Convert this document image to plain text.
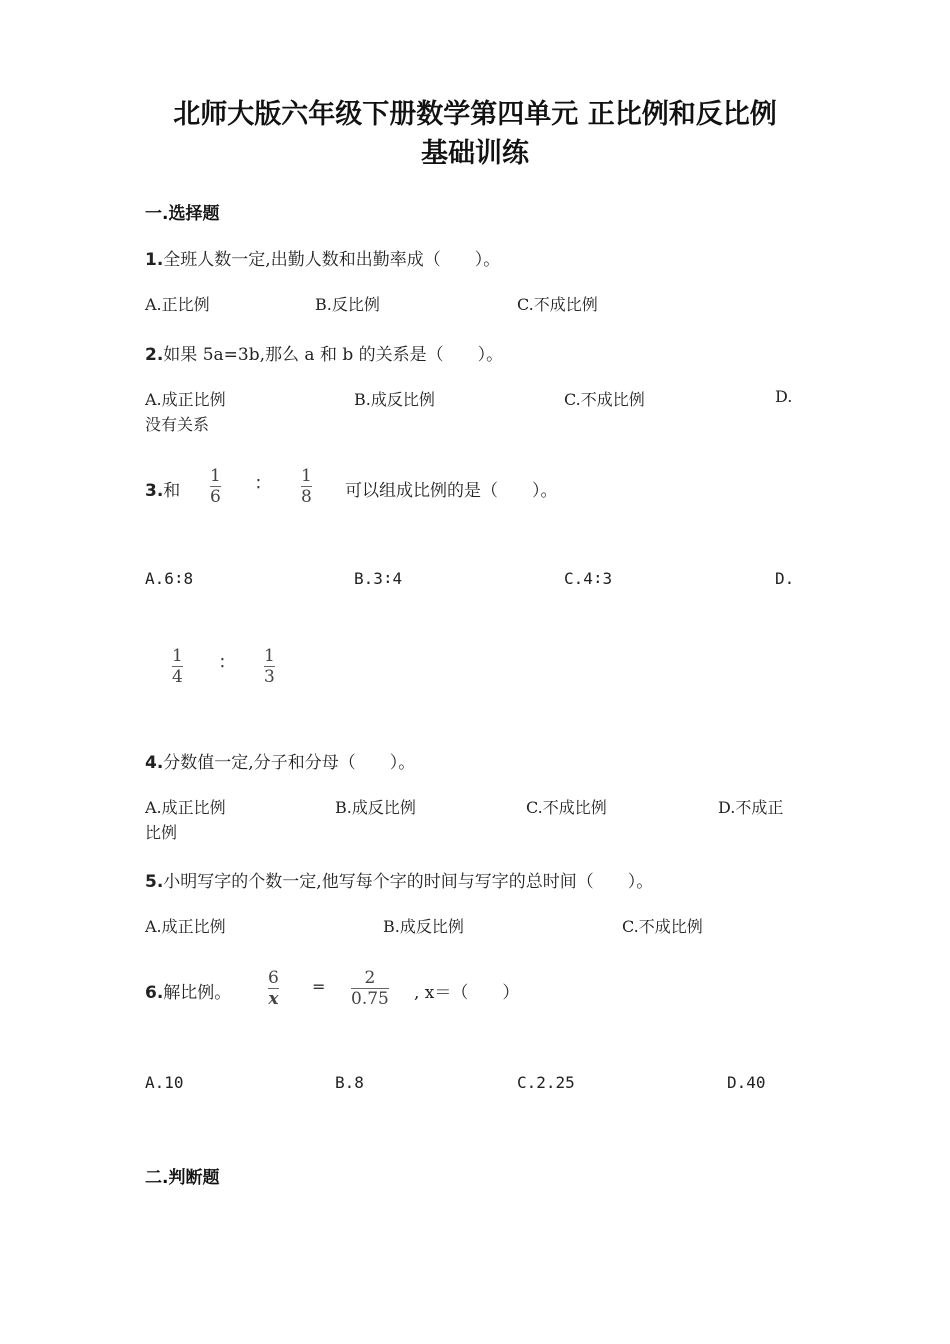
北师大版六年级下册数学第四单元 正比例和反比例
基础训练
一.选择题
1.全班人数一定,出勤人数和出勤率成（　　）。
A.正比例	B.反比例	C.不成比例
2.如果 5a=3b,那么 a 和 b 的关系是（　　）。
A.成正比例	B.成反比例	C.不成比例	D.
没有关系
3.和
1
6
∶ 1
8 可以组成比例的是（　　）。
A.6∶8	B.3∶4	C.4∶3	D.
1
4
∶ 1
3
4.分数值一定,分子和分母（　　）。
A.成正比例	B.成反比例	C.不成比例	D.不成正
比例
5.小明写字的个数一定,他写每个字的时间与写字的总时间（　　）。
A.成正比例	B.成反比例	C.不成比例
6.解比例。
6
x
= 2
0.75 , x＝（　　）
A.10	B.8	C.2.25	D.40
二.判断题
